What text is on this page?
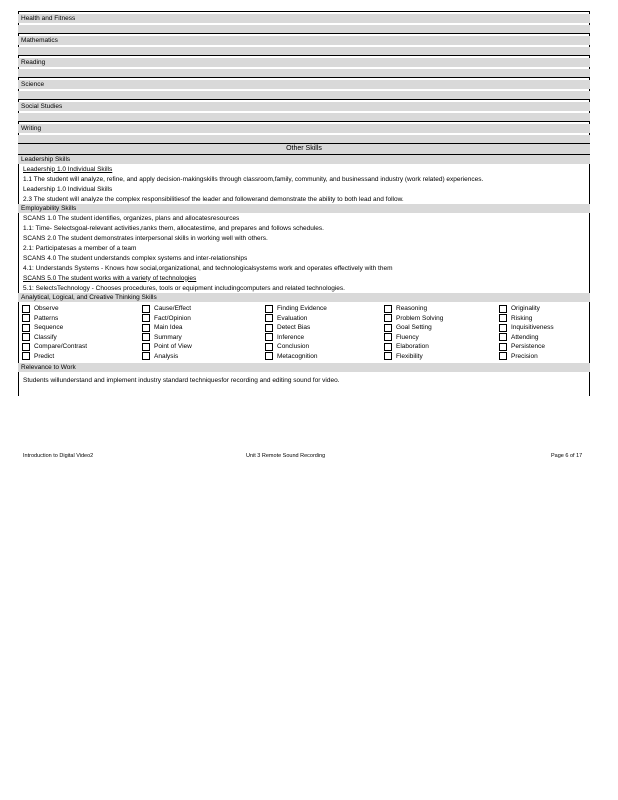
Health and Fitness
Mathematics
Reading
Science
Social Studies
Writing
Other Skills
Leadership Skills
Leadership 1.0 Individual Skills
1.1 The student will analyze, refine, and apply decision-makingskills through classroom,family, community, and businessand industry (work related) experiences.
Leadership 1.0 Individual Skills
2.3 The student will analyze the complex responsibilitiesof the leader and followerand demonstrate the ability to both lead and follow.
Employability Skills
SCANS 1.0 The student identifies, organizes, plans and allocatesresources
1.1: Time- Selectsgoal-relevant activities,ranks them, allocatestime, and prepares and follows schedules.
SCANS 2.0 The student demonstrates interpersonal skills in working well with others.
2.1: Participatesas a member of a team
SCANS 4.0 The student understands complex systems and inter-relationships
4.1: Understands Systems - Knows how social,organizational, and technologicalsystems work and operates effectively with them
SCANS 5.0 The student works with a variety of technologies
5.1: SelectsTechnology - Chooses procedures, tools or equipment includingcomputers and related technologies.
Analytical, Logical, and Creative Thinking Skills
Observe	Cause/Effect	Finding Evidence	Reasoning	Originality
Patterns	Fact/Opinion	Evaluation	Problem Solving	Risking
Sequence	Main Idea	Detect Bias	Goal Setting	Inquisitiveness
Classify	Summary	Inference	Fluency	Attending
Compare/Contrast	Point of View	Conclusion	Elaboration	Persistence
Predict	Analysis	Metacognition	Flexibility	Precision
Relevance to Work
Students willunderstand and implement industry standard techniquesfor recording and editing sound for video.
Introduction to Digital Video2	Unit 3 Remote Sound Recording	Page 6 of 17
